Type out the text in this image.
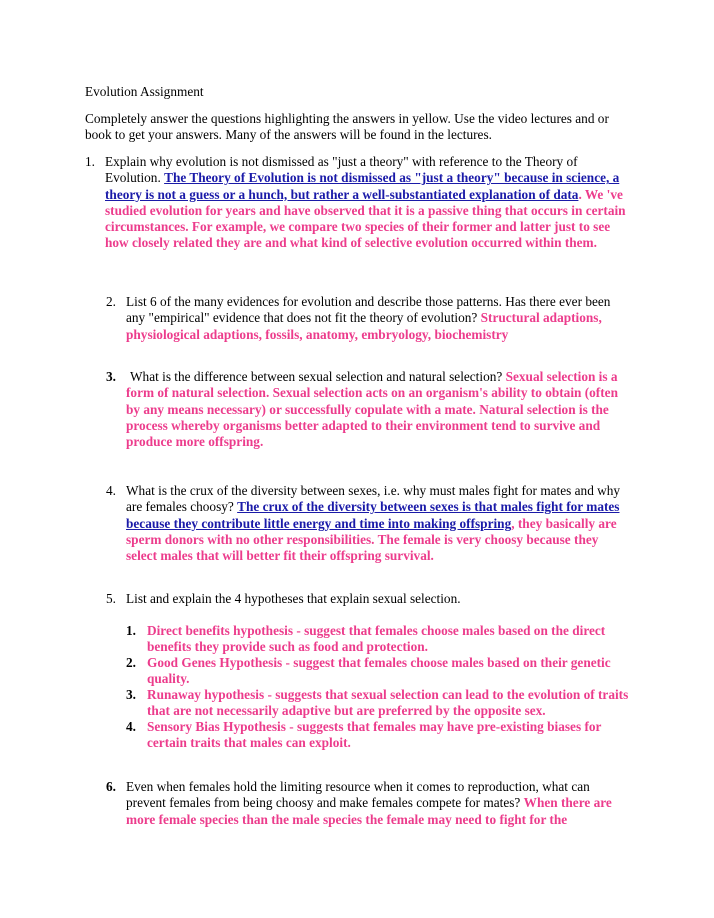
Evolution Assignment
Completely answer the questions highlighting the answers in yellow. Use the video lectures and or book to get your answers. Many of the answers will be found in the lectures.
1. Explain why evolution is not dismissed as "just a theory" with reference to the Theory of Evolution. The Theory of Evolution is not dismissed as "just a theory" because in science, a theory is not a guess or a hunch, but rather a well-substantiated explanation of data. We 've studied evolution for years and have observed that it is a passive thing that occurs in certain circumstances. For example, we compare two species of their former and latter just to see how closely related they are and what kind of selective evolution occurred within them.
2. List 6 of the many evidences for evolution and describe those patterns. Has there ever been any "empirical" evidence that does not fit the theory of evolution? Structural adaptions, physiological adaptions, fossils, anatomy, embryology, biochemistry
3.	What is the difference between sexual selection and natural selection? Sexual selection is a form of natural selection. Sexual selection acts on an organism's ability to obtain (often by any means necessary) or successfully copulate with a mate. Natural selection is the process whereby organisms better adapted to their environment tend to survive and produce more offspring.
4. What is the crux of the diversity between sexes, i.e. why must males fight for mates and why are females choosy? The crux of the diversity between sexes is that males fight for mates because they contribute little energy and time into making offspring, they basically are sperm donors with no other responsibilities. The female is very choosy because they select males that will better fit their offspring survival.
5. List and explain the 4 hypotheses that explain sexual selection.
1. Direct benefits hypothesis - suggest that females choose males based on the direct benefits they provide such as food and protection.
2. Good Genes Hypothesis - suggest that females choose males based on their genetic quality.
3. Runaway hypothesis - suggests that sexual selection can lead to the evolution of traits that are not necessarily adaptive but are preferred by the opposite sex.
4. Sensory Bias Hypothesis - suggests that females may have pre-existing biases for certain traits that males can exploit.
6. Even when females hold the limiting resource when it comes to reproduction, what can prevent females from being choosy and make females compete for mates? When there are more female species than the male species the female may need to fight for the
